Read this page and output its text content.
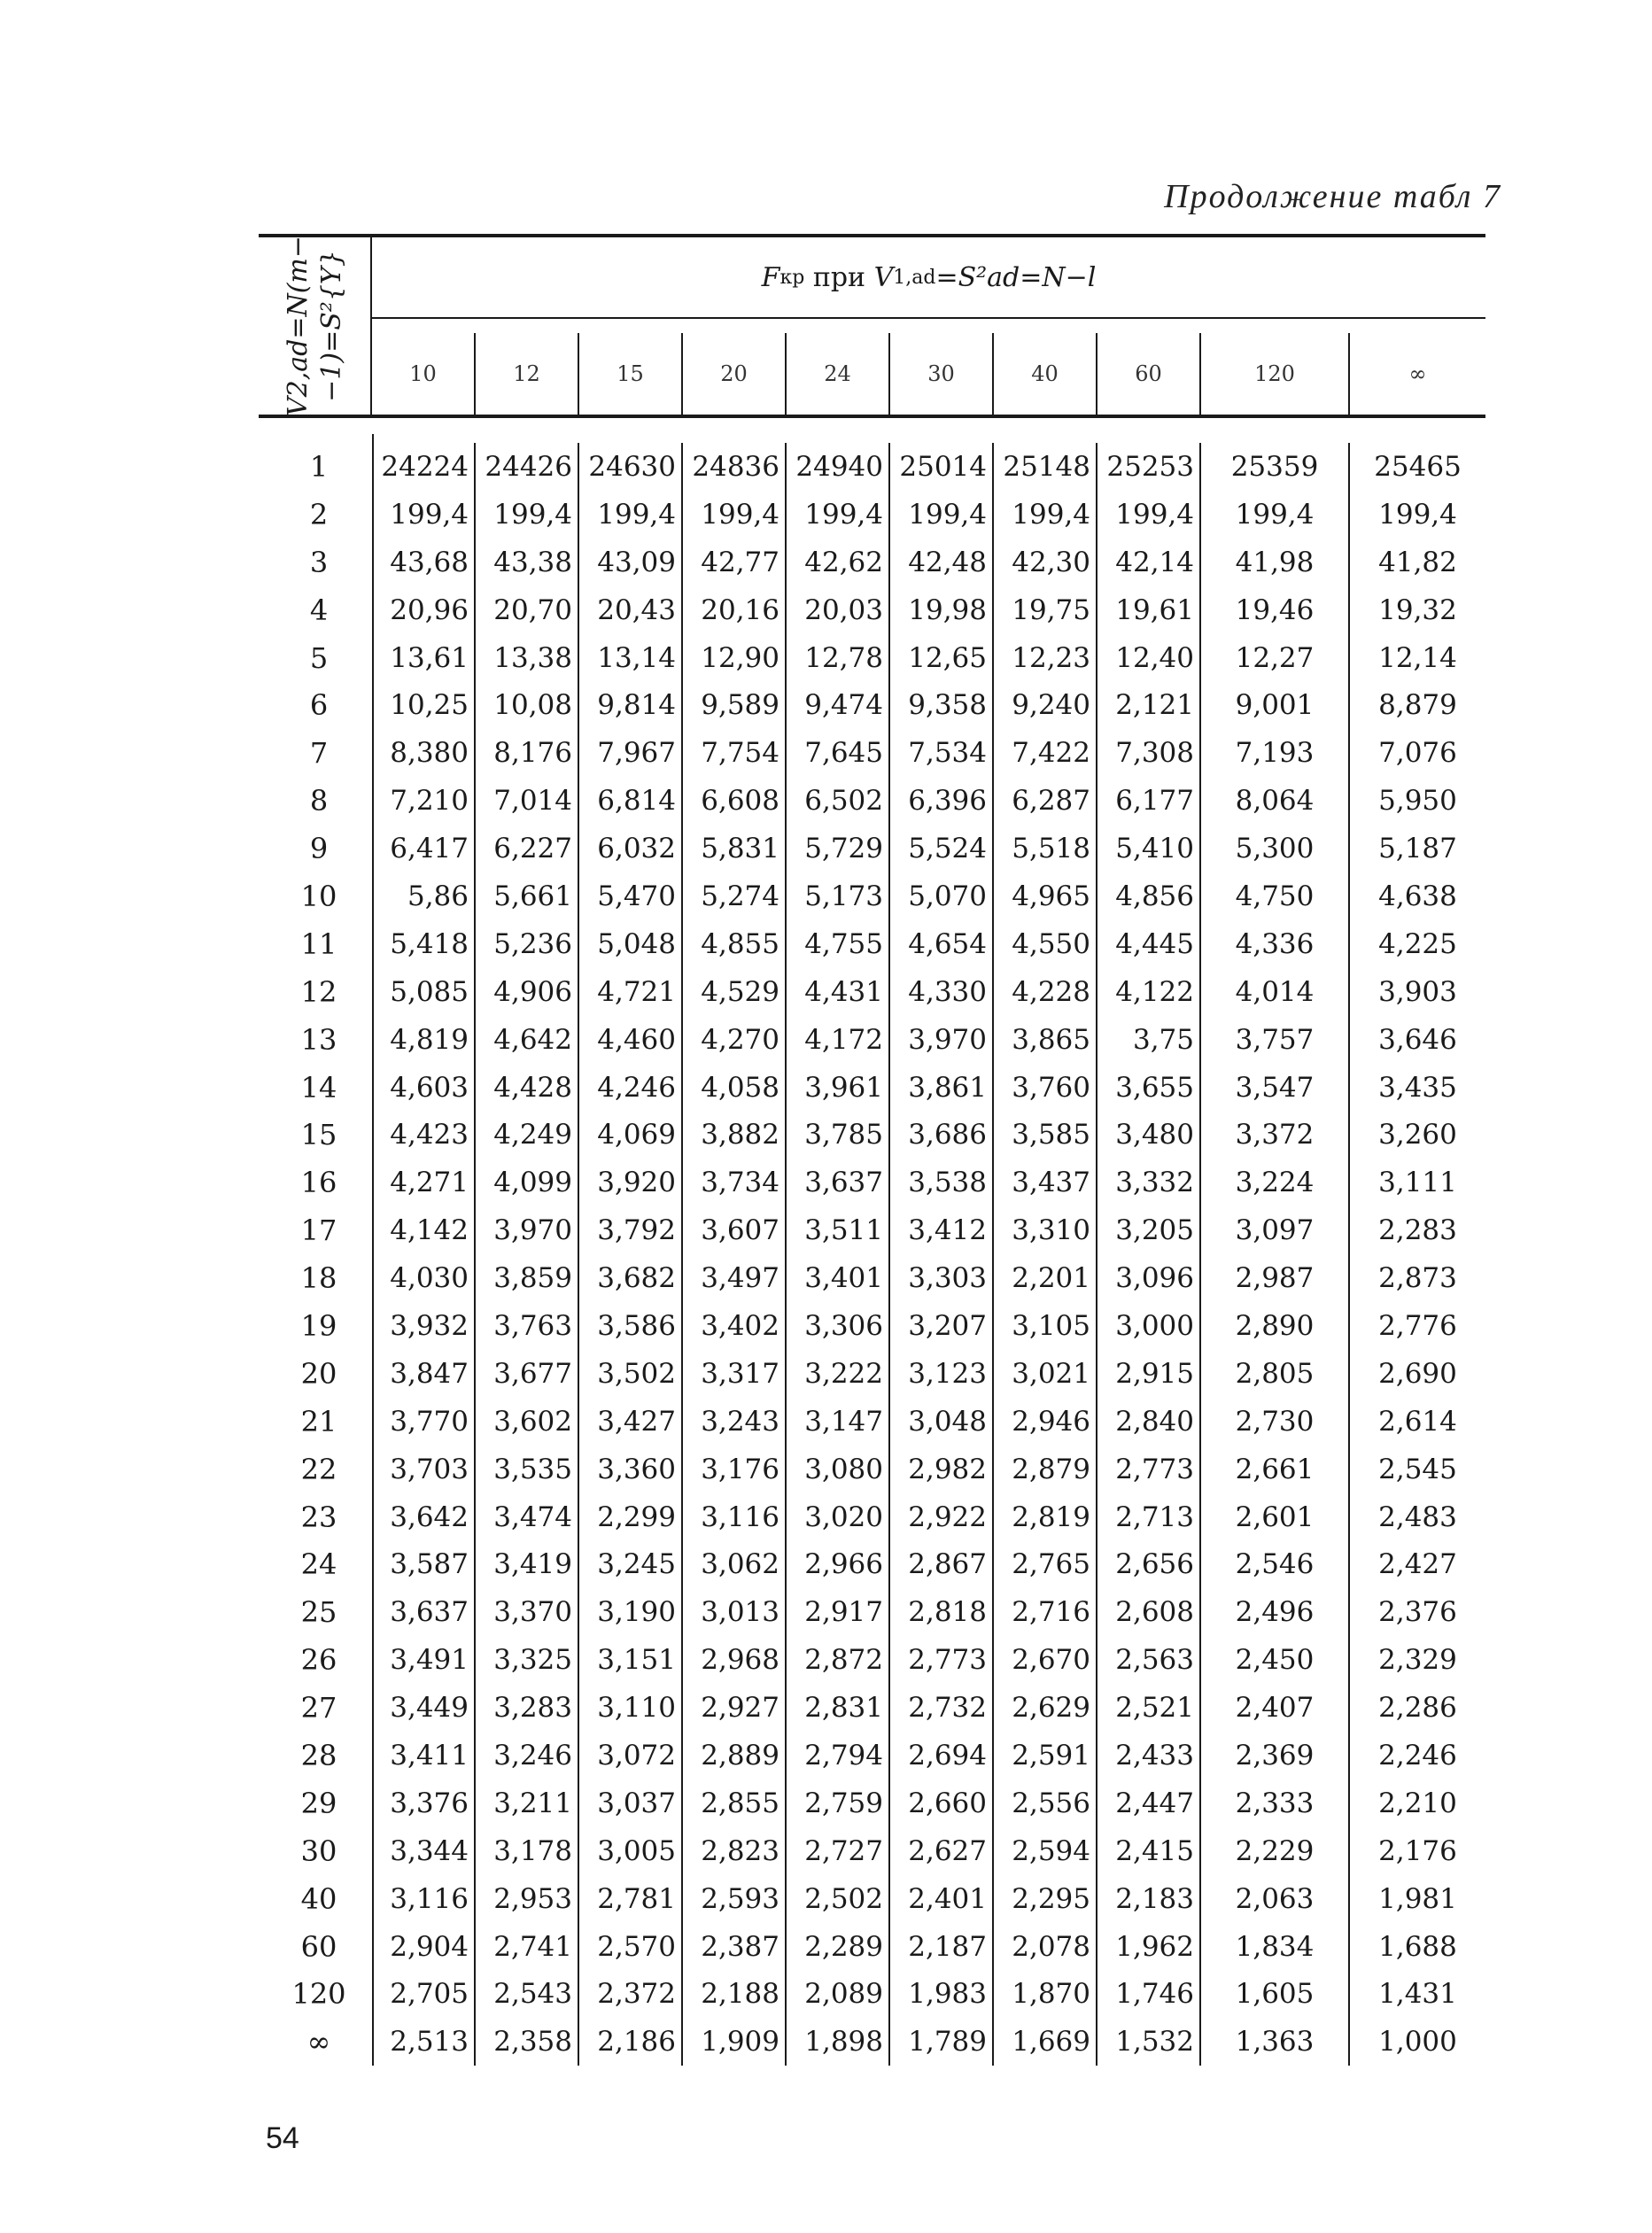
Продолжение табл 7
V2,ad=N(m− −1)=S²{Y}	F кр при V 1,ad =S²ad=N−l
10	12	15	20	24	30	40	60	120	∞
1	24224 24426 24630 24836 24940 25014 25148 25253	25359	25465
2	199,4 199,4 199,4 199,4 199,4 199,4 199,4 199,4	199,4	199,4
3	43,68 43,38 43,09 42,77 42,62 42,48 42,30 42,14	41,98	41,82
4	20,96 20,70 20,43 20,16 20,03 19,98 19,75 19,61	19,46	19,32
5	13,61 13,38 13,14 12,90 12,78 12,65 12,23 12,40	12,27	12,14
6	10,25 10,08 9,814 9,589 9,474 9,358 9,240 2,121	9,001	8,879
7	8,380 8,176 7,967 7,754 7,645 7,534 7,422 7,308	7,193	7,076
8	7,210 7,014 6,814 6,608 6,502 6,396 6,287 6,177	8,064	5,950
9	6,417 6,227 6,032 5,831 5,729 5,524 5,518 5,410	5,300	5,187
10	5,86 5,661 5,470 5,274 5,173 5,070 4,965 4,856	4,750	4,638
11	5,418 5,236 5,048 4,855 4,755 4,654 4,550 4,445	4,336	4,225
12	5,085 4,906 4,721 4,529 4,431 4,330 4,228 4,122	4,014	3,903
13	4,819 4,642 4,460 4,270 4,172 3,970 3,865	3,75	3,757	3,646
14	4,603 4,428 4,246 4,058 3,961 3,861 3,760 3,655	3,547	3,435
15	4,423 4,249 4,069 3,882 3,785 3,686 3,585 3,480	3,372	3,260
16	4,271 4,099 3,920 3,734 3,637 3,538 3,437 3,332	3,224	3,111
17	4,142 3,970 3,792 3,607 3,511 3,412 3,310 3,205	3,097	2,283
18	4,030 3,859 3,682 3,497 3,401 3,303 2,201 3,096	2,987	2,873
19	3,932 3,763 3,586 3,402 3,306 3,207 3,105 3,000	2,890	2,776
20	3,847 3,677 3,502 3,317 3,222 3,123 3,021 2,915	2,805	2,690
21	3,770 3,602 3,427 3,243 3,147 3,048 2,946 2,840	2,730	2,614
22	3,703 3,535 3,360 3,176 3,080 2,982 2,879 2,773	2,661	2,545
23	3,642 3,474 2,299 3,116 3,020 2,922 2,819 2,713	2,601	2,483
24	3,587 3,419 3,245 3,062 2,966 2,867 2,765 2,656	2,546	2,427
25	3,637 3,370 3,190 3,013 2,917 2,818 2,716 2,608	2,496	2,376
26	3,491 3,325 3,151 2,968 2,872 2,773 2,670 2,563	2,450	2,329
27	3,449 3,283 3,110 2,927 2,831 2,732 2,629 2,521	2,407	2,286
28	3,411 3,246 3,072 2,889 2,794 2,694 2,591 2,433	2,369	2,246
29	3,376 3,211 3,037 2,855 2,759 2,660 2,556 2,447	2,333	2,210
30	3,344 3,178 3,005 2,823 2,727 2,627 2,594 2,415	2,229	2,176
40	3,116 2,953 2,781 2,593 2,502 2,401 2,295 2,183	2,063	1,981
60	2,904 2,741 2,570 2,387 2,289 2,187 2,078 1,962	1,834	1,688
120	2,705 2,543 2,372 2,188 2,089 1,983 1,870 1,746	1,605	1,431
∞	2,513 2,358 2,186 1,909 1,898 1,789 1,669 1,532	1,363	1,000
54
